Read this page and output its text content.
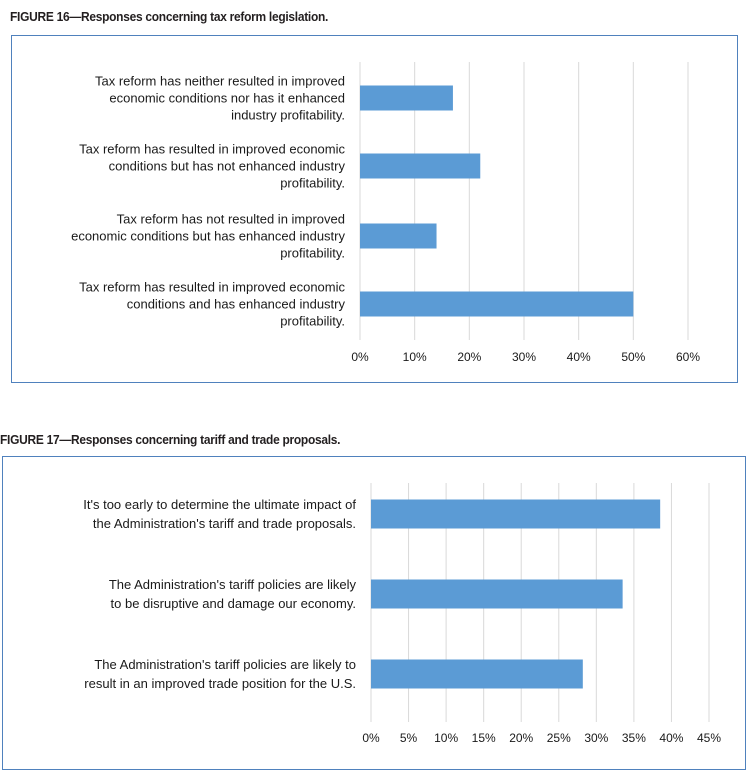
FIGURE 16—Responses concerning tax reform legislation.
0%	10%	20%	30%	40%	50%	60%
Tax reform has neither resulted in improved
economic conditions nor has it enhanced
industry profitability.
Tax reform has resulted in improved economic
conditions but has not enhanced industry
profitability.
Tax reform has not resulted in improved
economic conditions but has enhanced industry
profitability.
Tax reform has resulted in improved economic
conditions and has enhanced industry
profitability.
FIGURE 17—Responses concerning tariff and trade proposals.
0% 5% 10% 15% 20% 25% 30% 35% 40% 45%
It's too early to determine the ultimate impact of
the Administration's tariff and trade proposals.
The Administration's tariff policies are likely
to be disruptive and damage our economy.
The Administration's tariff policies are likely to
result in an improved trade position for the U.S.
